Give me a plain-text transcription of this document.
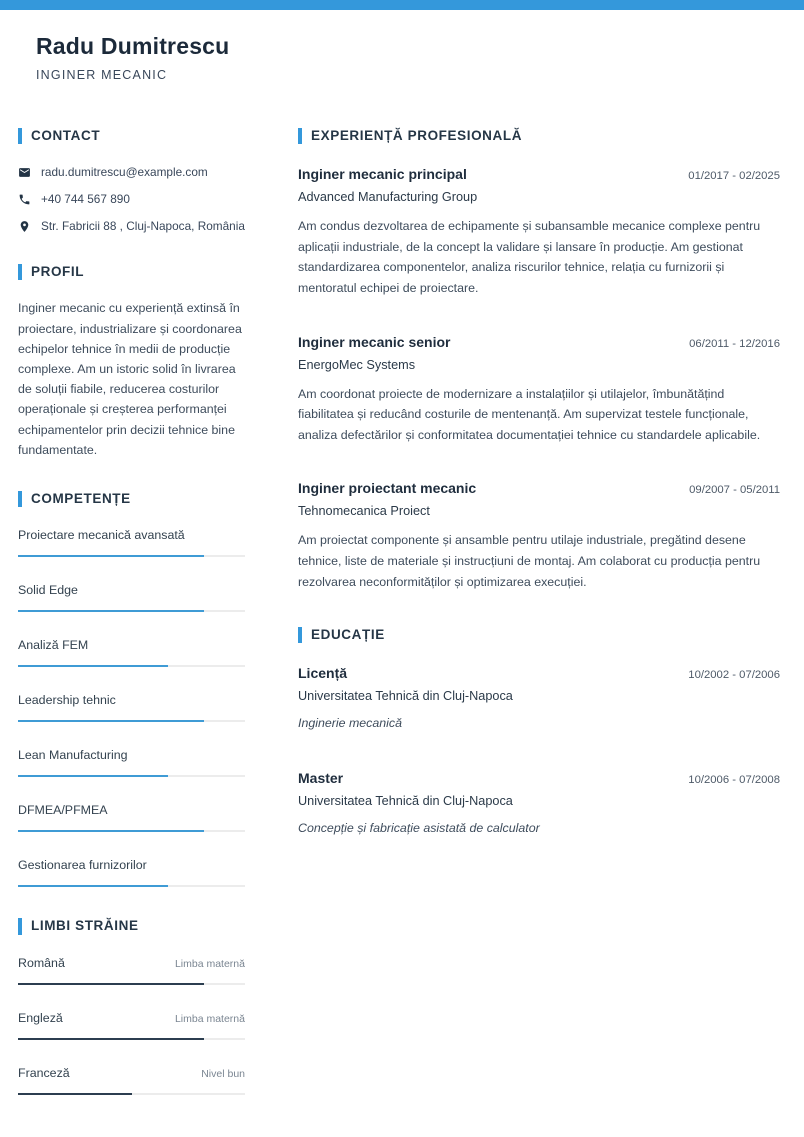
Radu Dumitrescu
INGINER MECANIC
CONTACT
radu.dumitrescu@example.com
+40 744 567 890
Str. Fabricii 88 , Cluj-Napoca, România
PROFIL

Inginer mecanic cu experiență extinsă în proiectare, industrializare și coordonarea echipelor tehnice în medii de producție complexe. Am un istoric solid în livrarea de soluții fiabile, reducerea costurilor operaționale și creșterea performanței echipamentelor prin decizii tehnice bine fundamentate.

COMPETENȚE
Proiectare mecanică avansată
Solid Edge
Analiză FEM
Leadership tehnic
Lean Manufacturing
DFMEA/PFMEA
Gestionarea furnizorilor
LIMBI STRĂINE
Română	Limba maternă
Engleză	Limba maternă
Franceză	Nivel bun
EXPERIENȚĂ PROFESIONALĂ
Inginer mecanic principal	01/2017 - 02/2025
Advanced Manufacturing Group

Am condus dezvoltarea de echipamente și subansamble mecanice complexe pentru aplicații industriale, de la concept la validare și lansare în producție. Am gestionat standardizarea componentelor, analiza riscurilor tehnice, relația cu furnizorii și mentoratul echipei de proiectare.

Inginer mecanic senior	06/2011 - 12/2016
EnergoMec Systems

Am coordonat proiecte de modernizare a instalațiilor și utilajelor, îmbunătățind fiabilitatea și reducând costurile de mentenanță. Am supervizat testele funcționale, analiza defectărilor și conformitatea documentației tehnice cu standardele aplicabile.

Inginer proiectant mecanic	09/2007 - 05/2011
Tehnomecanica Proiect

Am proiectat componente și ansamble pentru utilaje industriale, pregătind desene tehnice, liste de materiale și instrucțiuni de montaj. Am colaborat cu producția pentru rezolvarea neconformităților și optimizarea execuției.

EDUCAȚIE
Licență	10/2002 - 07/2006
Universitatea Tehnică din Cluj-Napoca

Inginerie mecanică

Master	10/2006 - 07/2008
Universitatea Tehnică din Cluj-Napoca

Concepție și fabricație asistată de calculator
